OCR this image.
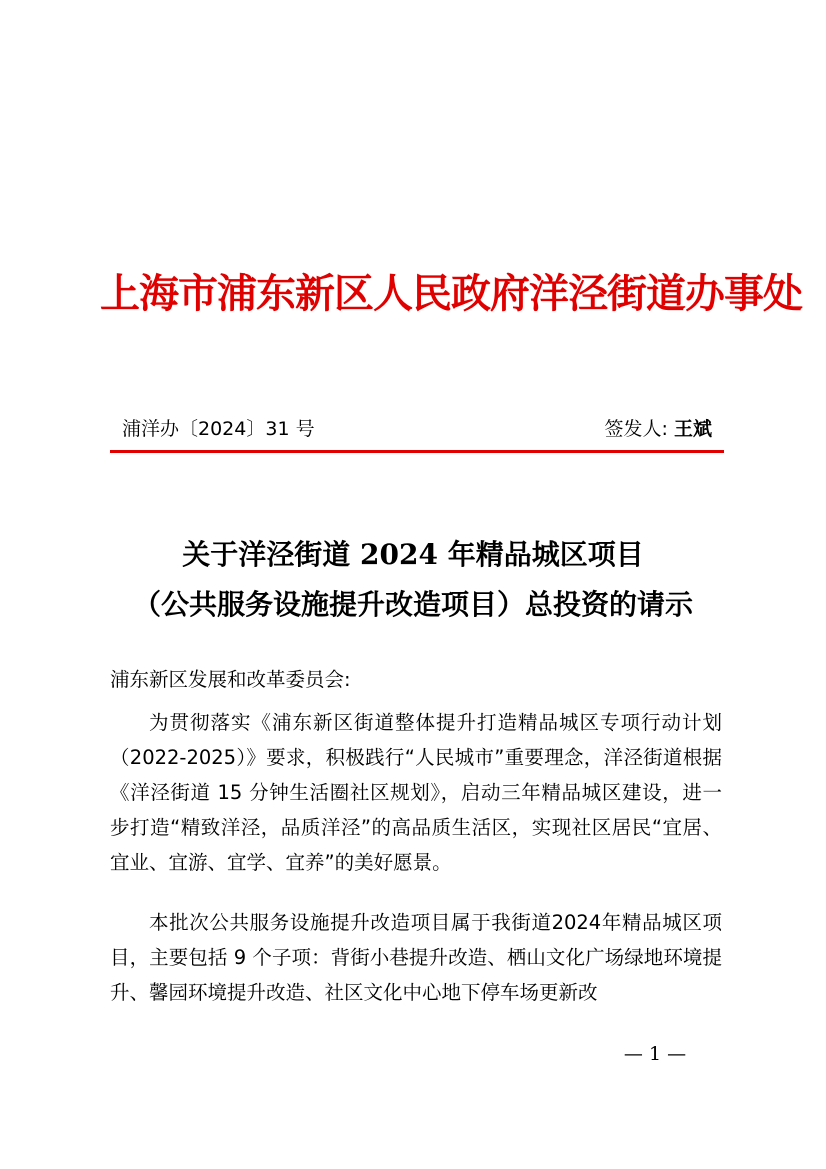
上海市浦东新区人民政府洋泾街道办事处
浦洋办〔2024〕31 号	签发人: 王斌
关于洋泾街道 2024 年精品城区项目
（公共服务设施提升改造项目）总投资的请示
浦东新区发展和改革委员会:
为贯彻落实《浦东新区街道整体提升打造精品城区专项行动计划（2022-2025）》要求，积极践行“人民城市”重要理念，洋泾街道根据《洋泾街道 15 分钟生活圈社区规划》，启动三年精品城区建设，进一步打造“精致洋泾，品质洋泾”的高品质生活区，实现社区居民“宜居、宜业、宜游、宜学、宜养”的美好愿景。
本批次公共服务设施提升改造项目属于我街道2024年精品城区项目，主要包括 9 个子项：背街小巷提升改造、栖山文化广场绿地环境提升、馨园环境提升改造、社区文化中心地下停车场更新改
— 1 —
